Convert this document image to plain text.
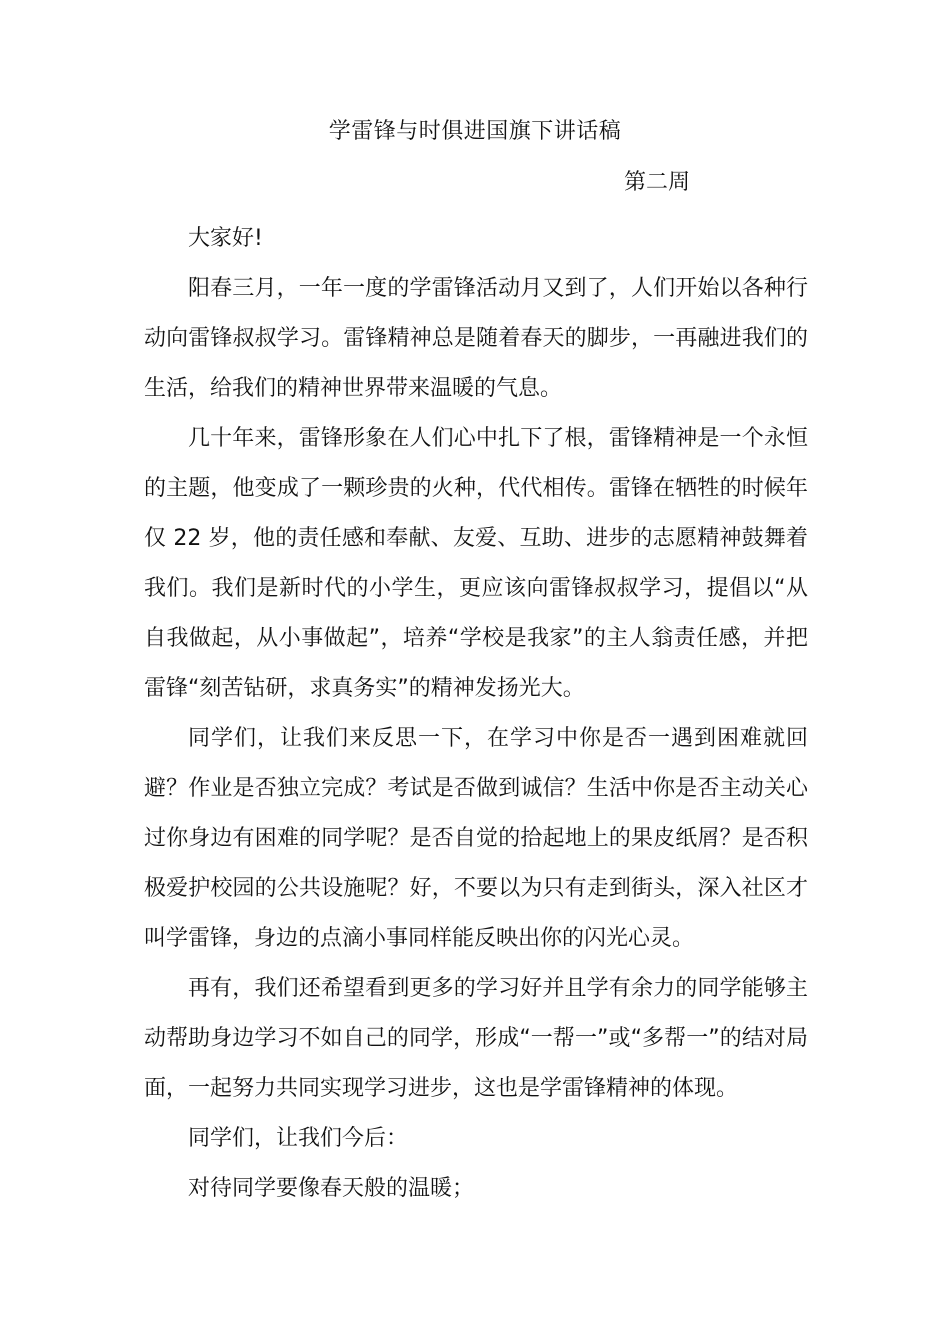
学雷锋与时俱进国旗下讲话稿
第二周

大家好!

阳春三月，一年一度的学雷锋活动月又到了，人们开始以各种行动向雷锋叔叔学习。雷锋精神总是随着春天的脚步，一再融进我们的生活，给我们的精神世界带来温暖的气息。

几十年来，雷锋形象在人们心中扎下了根，雷锋精神是一个永恒的主题，他变成了一颗珍贵的火种，代代相传。雷锋在牺牲的时候年仅 22 岁，他的责任感和奉献、友爱、互助、进步的志愿精神鼓舞着我们。我们是新时代的小学生，更应该向雷锋叔叔学习，提倡以“从自我做起，从小事做起”，培养“学校是我家”的主人翁责任感，并把雷锋“刻苦钻研，求真务实”的精神发扬光大。

同学们，让我们来反思一下，在学习中你是否一遇到困难就回避？作业是否独立完成？考试是否做到诚信？生活中你是否主动关心过你身边有困难的同学呢？是否自觉的拾起地上的果皮纸屑？是否积极爱护校园的公共设施呢？好，不要以为只有走到街头，深入社区才叫学雷锋，身边的点滴小事同样能反映出你的闪光心灵。

再有，我们还希望看到更多的学习好并且学有余力的同学能够主动帮助身边学习不如自己的同学，形成“一帮一”或“多帮一”的结对局面，一起努力共同实现学习进步，这也是学雷锋精神的体现。

同学们，让我们今后：

对待同学要像春天般的温暖；
